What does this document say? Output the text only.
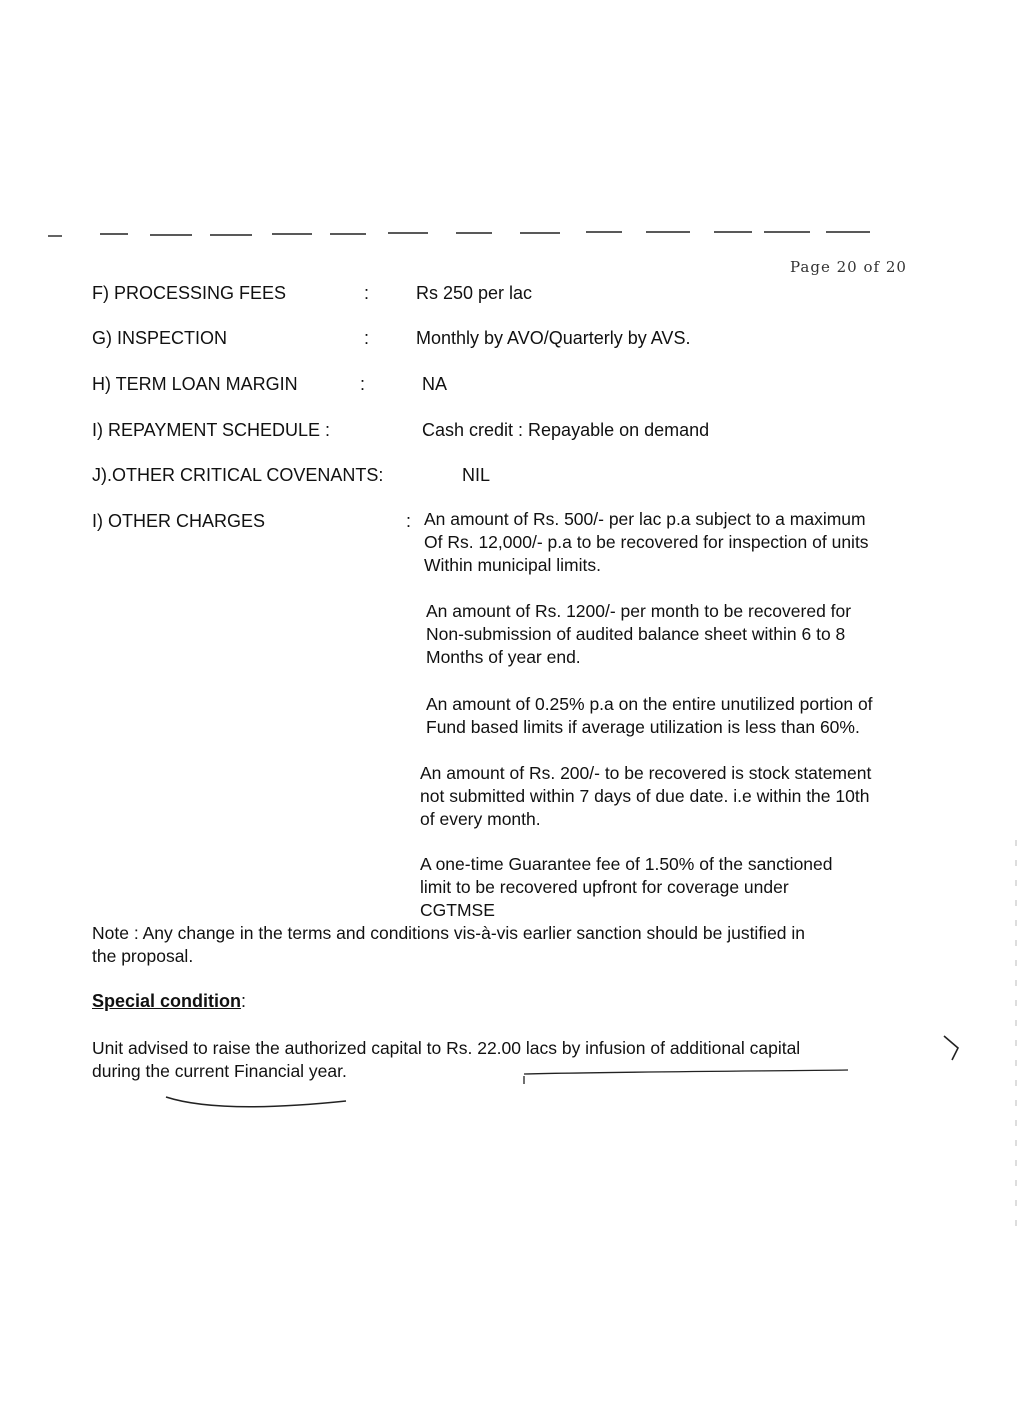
Page 20 of 20
F) PROCESSING FEES	:	Rs 250 per lac
G) INSPECTION	:	Monthly by AVO/Quarterly by AVS.
H) TERM LOAN MARGIN	:	NA
I) REPAYMENT SCHEDULE :	Cash credit : Repayable on demand
J).OTHER CRITICAL COVENANTS:	NIL
I) OTHER CHARGES	: An amount of Rs. 500/- per lac p.a subject to a maximum
Of Rs. 12,000/- p.a to be recovered for inspection of units
Within municipal limits.
An amount of Rs. 1200/- per month to be recovered for
Non-submission of audited balance sheet within 6 to 8
Months of year end.
An amount of 0.25% p.a on the entire unutilized portion of
Fund based limits if average utilization is less than 60%.
An amount of Rs. 200/- to be recovered is stock statement
not submitted within 7 days of due date. i.e within the 10th
of every month.
A one-time Guarantee fee of 1.50% of the sanctioned
limit to be recovered upfront for coverage under
CGTMSE
Note : Any change in the terms and conditions vis-à-vis earlier sanction should be justified in
the proposal.
Special condition:
Unit advised to raise the authorized capital to Rs. 22.00 lacs by infusion of additional capital
during the current Financial year.
